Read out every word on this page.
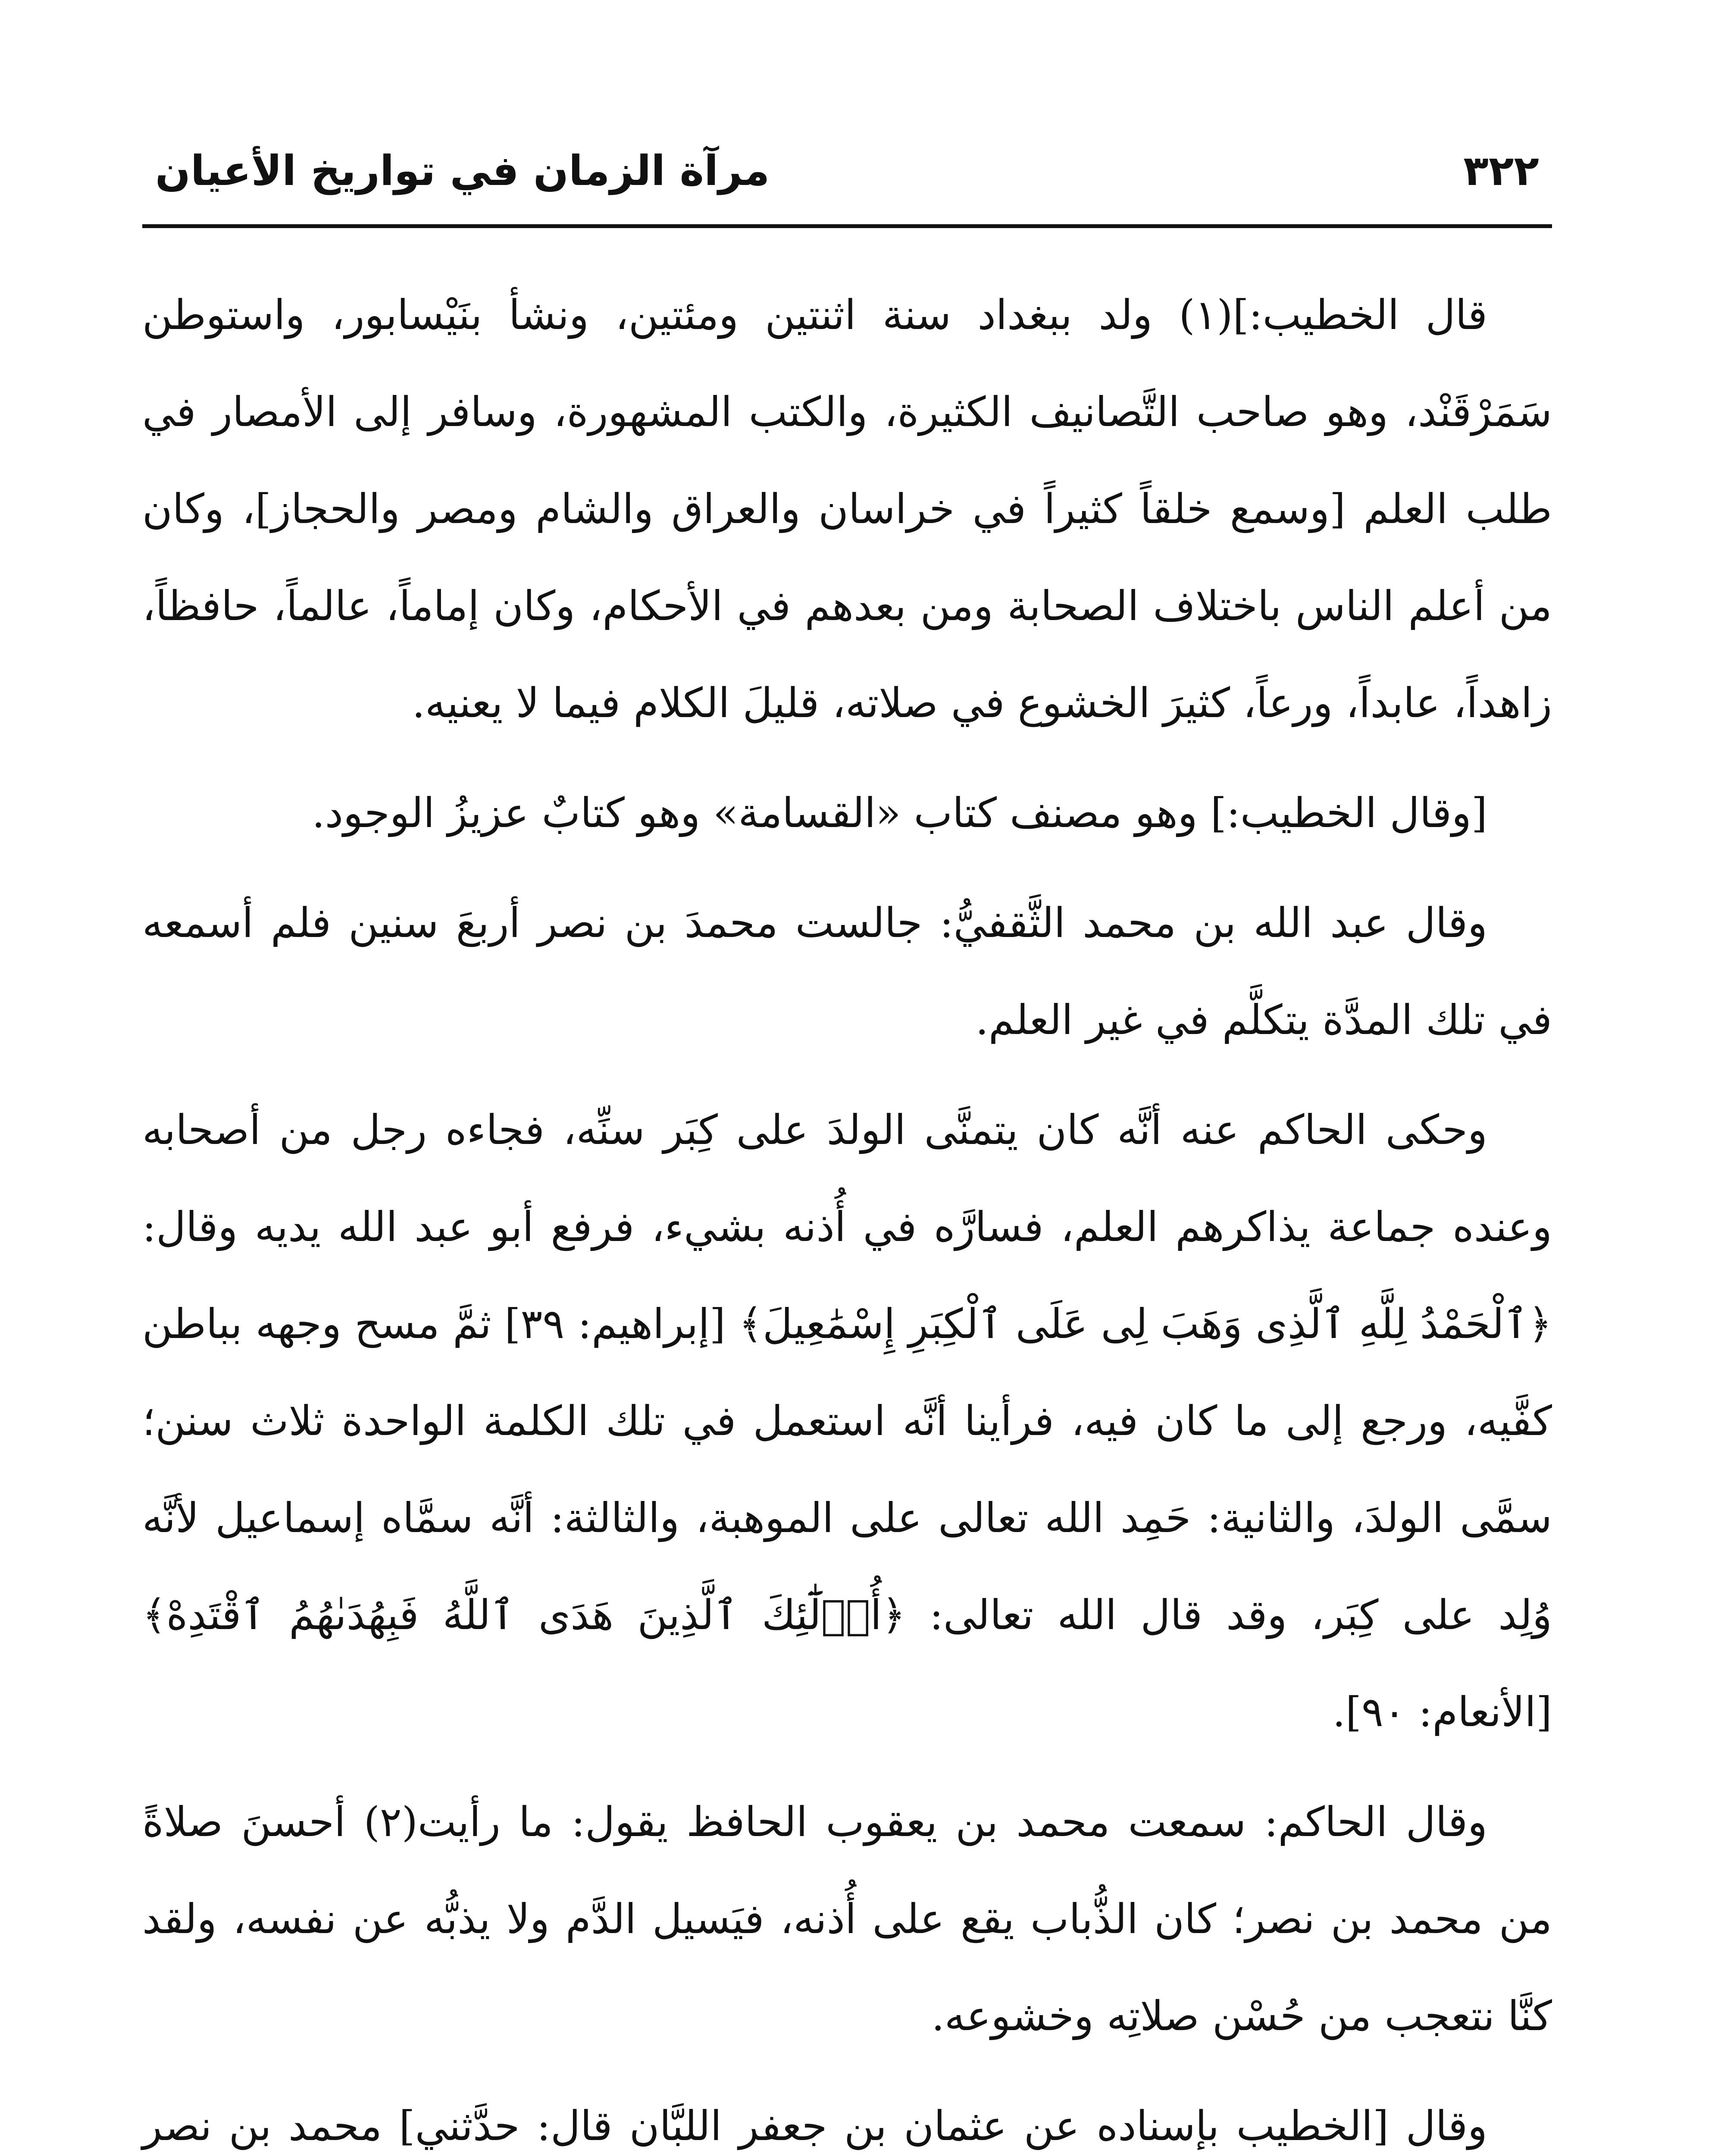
٣٢٢
مرآة الزمان في تواريخ الأعيان

قال الخطيب:](١) ولد ببغداد سنة اثنتين ومئتين، ونشأ بنَيْسابور، واستوطن سَمَرْقَنْد، وهو صاحب التَّصانيف الكثيرة، والكتب المشهورة، وسافر إلى الأمصار في طلب العلم [وسمع خلقاً كثيراً في خراسان والعراق والشام ومصر والحجاز]، وكان من أعلم الناس باختلاف الصحابة ومن بعدهم في الأحكام، وكان إماماً، عالماً، حافظاً، زاهداً، عابداً، ورعاً، كثيرَ الخشوع في صلاته، قليلَ الكلام فيما لا يعنيه.

[وقال الخطيب:] وهو مصنف كتاب «القسامة» وهو كتابٌ عزيزُ الوجود.

وقال عبد الله بن محمد الثَّقفيُّ: جالست محمدَ بن نصر أربعَ سنين فلم أسمعه في تلك المدَّة يتكلَّم في غير العلم.

وحكى الحاكم عنه أنَّه كان يتمنَّى الولدَ على كِبَر سنِّه، فجاءه رجل من أصحابه وعنده جماعة يذاكرهم العلم، فسارَّه في أُذنه بشيء، فرفع أبو عبد الله يديه وقال: ﴿ٱلْحَمْدُ لِلَّهِ ٱلَّذِى وَهَبَ لِى عَلَى ٱلْكِبَرِ إِسْمَٰعِيلَ﴾ [إبراهيم: ٣٩] ثمَّ مسح وجهه بباطن كفَّيه، ورجع إلى ما كان فيه، فرأينا أنَّه استعمل في تلك الكلمة الواحدة ثلاث سنن؛ سمَّى الولدَ، والثانية: حَمِد الله تعالى على الموهبة، والثالثة: أنَّه سمَّاه إسماعيل لأنَّه وُلِد على كِبَر، وقد قال الله تعالى: ﴿أُو۟لَٰٓئِكَ ٱلَّذِينَ هَدَى ٱللَّهُ فَبِهُدَىٰهُمُ ٱقْتَدِهْ﴾ [الأنعام: ٩٠].

وقال الحاكم: سمعت محمد بن يعقوب الحافظ يقول: ما رأيت(٢) أحسنَ صلاةً من محمد بن نصر؛ كان الذُّباب يقع على أُذنه، فيَسيل الدَّم ولا يذبُّه عن نفسه، ولقد كنَّا نتعجب من حُسْن صلاتِه وخشوعه.

وقال [الخطيب بإسناده عن عثمان بن جعفر اللبَّان قال: حدَّثني] محمد بن نصر
